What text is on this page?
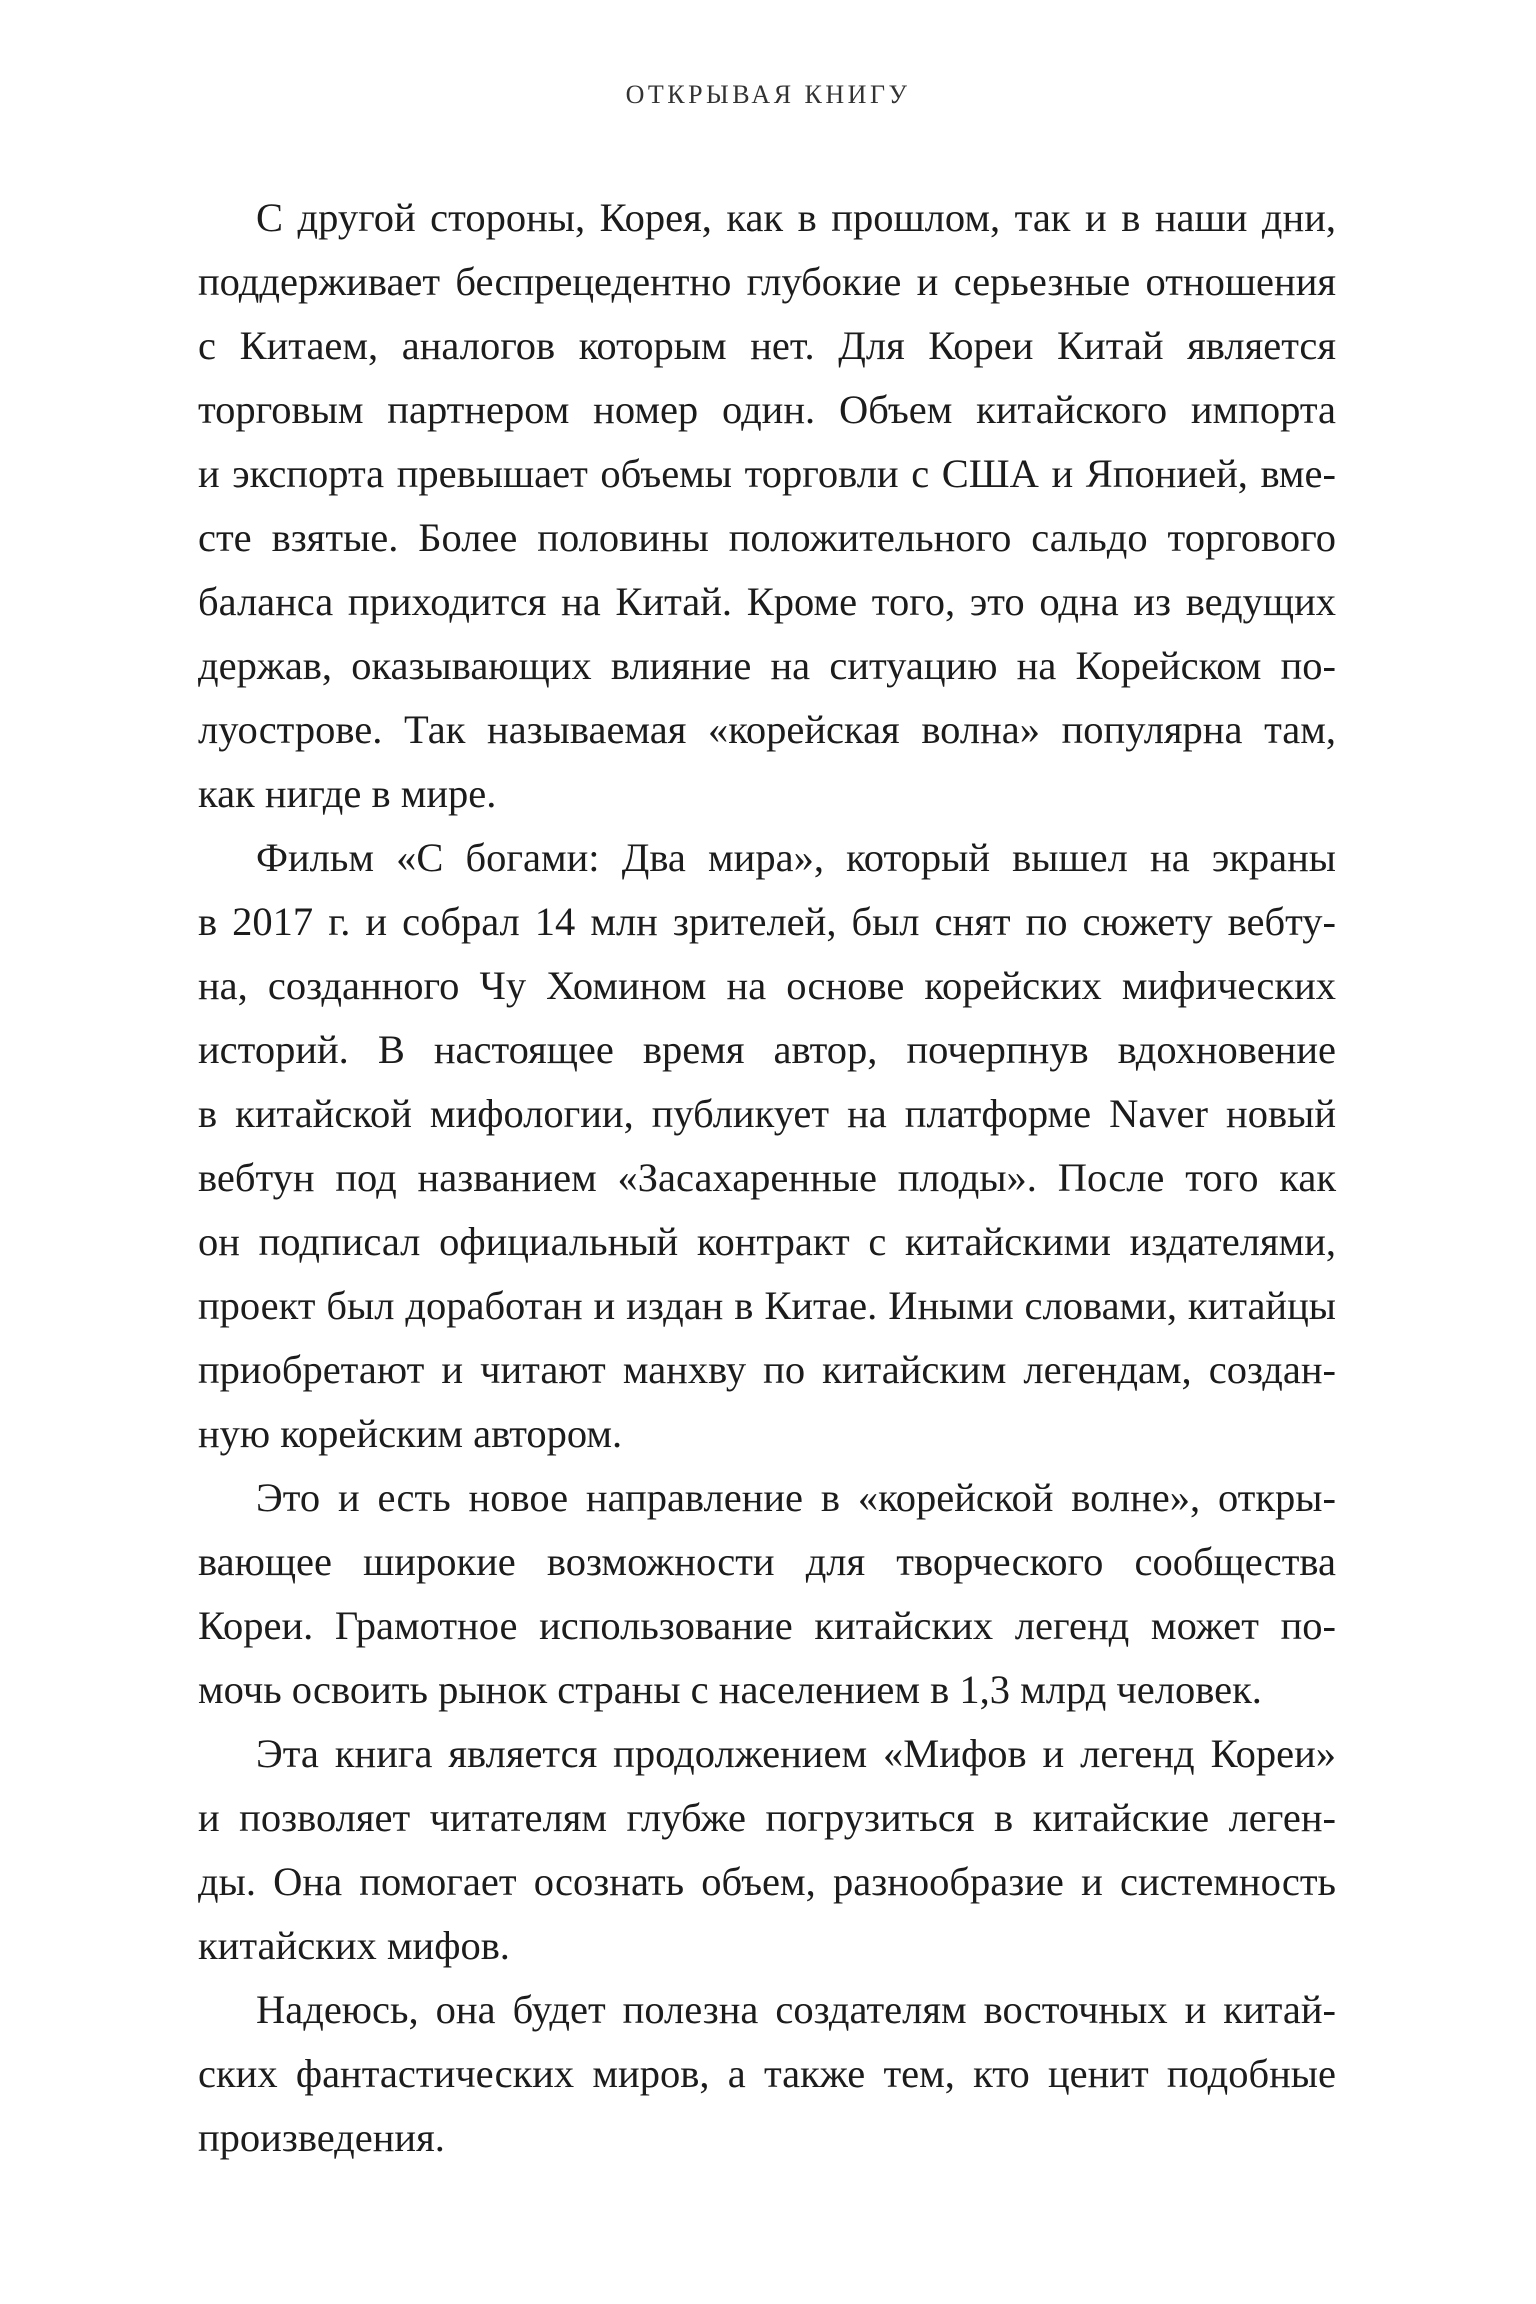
ОТКРЫВАЯ КНИГУ
С другой стороны, Корея, как в прошлом, так и в наши дни,
поддерживает беспрецедентно глубокие и серьезные отношения
с Китаем, аналогов которым нет. Для Кореи Китай является
торговым партнером номер один. Объем китайского импорта
и экспорта превышает объемы торговли с США и Японией, вме-
сте взятые. Более половины положительного сальдо торгового
баланса приходится на Китай. Кроме того, это одна из ведущих
держав, оказывающих влияние на ситуацию на Корейском по-
луострове. Так называемая «корейская волна» популярна там,
как нигде в мире.
Фильм «С богами: Два мира», который вышел на экраны
в 2017 г. и собрал 14 млн зрителей, был снят по сюжету вебту-
на, созданного Чу Хомином на основе корейских мифических
историй. В настоящее время автор, почерпнув вдохновение
в китайской мифологии, публикует на платформе Naver новый
вебтун под названием «Засахаренные плоды». После того как
он подписал официальный контракт с китайскими издателями,
проект был доработан и издан в Китае. Иными словами, китайцы
приобретают и читают манхву по китайским легендам, создан-
ную корейским автором.
Это и есть новое направление в «корейской волне», откры-
вающее широкие возможности для творческого сообщества
Кореи. Грамотное использование китайских легенд может по-
мочь освоить рынок страны с населением в 1,3 млрд человек.
Эта книга является продолжением «Мифов и легенд Кореи»
и позволяет читателям глубже погрузиться в китайские леген-
ды. Она помогает осознать объем, разнообразие и системность
китайских мифов.
Надеюсь, она будет полезна создателям восточных и китай-
ских фантастических миров, а также тем, кто ценит подобные
произведения.
